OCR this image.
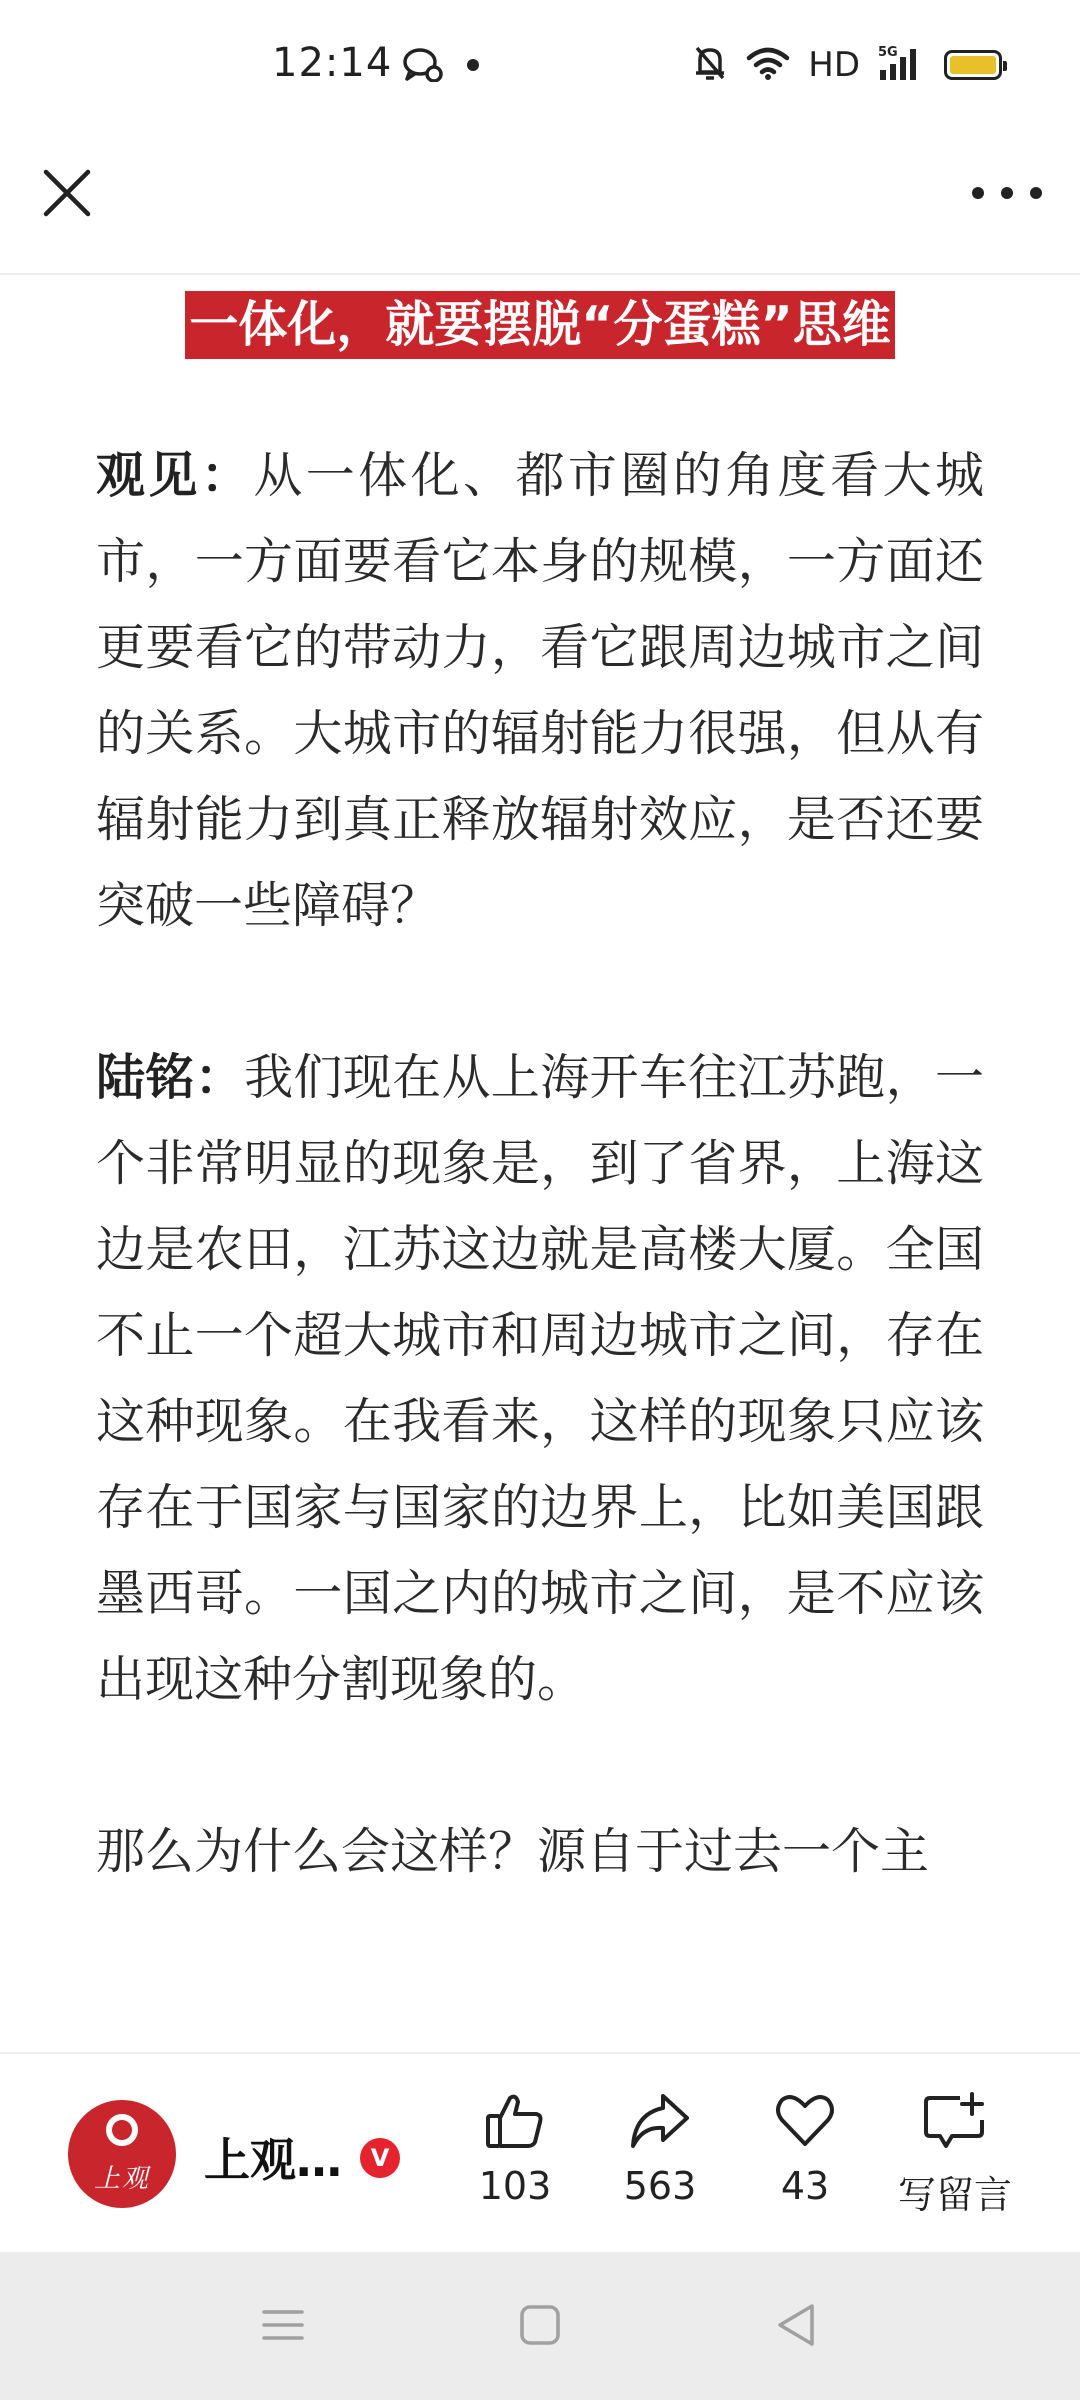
12:14	HD 5G
一体化，就要摆脱“分蛋糕”思维

观见：从一体化、都市圈的角度看大城市，一方面要看它本身的规模，一方面还更要看它的带动力，看它跟周边城市之间的关系。大城市的辐射能力很强，但从有辐射能力到真正释放辐射效应，是否还要突破一些障碍？

陆铭：我们现在从上海开车往江苏跑，一个非常明显的现象是，到了省界，上海这边是农田，江苏这边就是高楼大厦。全国不止一个超大城市和周边城市之间，存在这种现象。在我看来，这样的现象只应该存在于国家与国家的边界上，比如美国跟墨西哥。一国之内的城市之间，是不应该出现这种分割现象的。

那么为什么会这样？源自于过去一个主

上观	上观…	V
103	563	43	写留言
